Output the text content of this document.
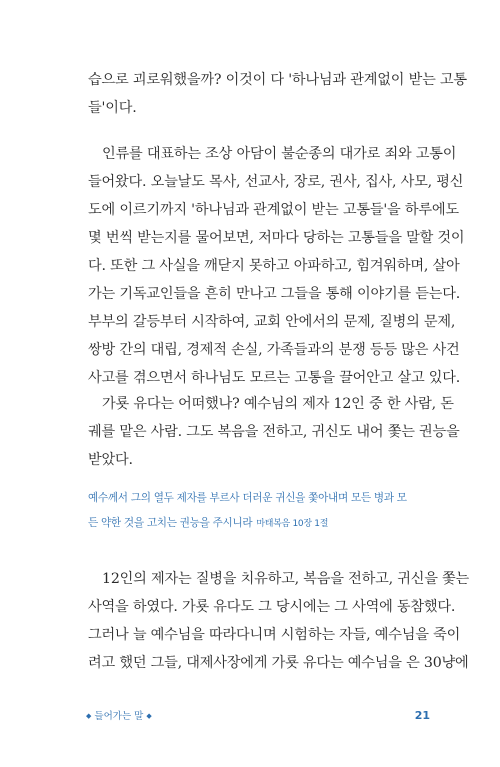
습으로 괴로워했을까? 이것이 다 '하나님과 관계없이 받는 고통
들'이다.
인류를 대표하는 조상 아담이 불순종의 대가로 죄와 고통이
들어왔다. 오늘날도 목사, 선교사, 장로, 권사, 집사, 사모, 평신
도에 이르기까지 '하나님과 관계없이 받는 고통들'을 하루에도
몇 번씩 받는지를 물어보면, 저마다 당하는 고통들을 말할 것이
다. 또한 그 사실을 깨닫지 못하고 아파하고, 힘겨워하며, 살아
가는 기독교인들을 흔히 만나고 그들을 통해 이야기를 듣는다.
부부의 갈등부터 시작하여, 교회 안에서의 문제, 질병의 문제,
쌍방 간의 대립, 경제적 손실, 가족들과의 분쟁 등등 많은 사건
사고를 겪으면서 하나님도 모르는 고통을 끌어안고 살고 있다.
가룟 유다는 어떠했나? 예수님의 제자 12인 중 한 사람, 돈
궤를 맡은 사람. 그도 복음을 전하고, 귀신도 내어 쫓는 권능을
받았다.
예수께서 그의 열두 제자를 부르사 더러운 귀신을 쫓아내며 모든 병과 모
든 약한 것을 고치는 권능을 주시니라 마태복음 10장 1절
12인의 제자는 질병을 치유하고, 복음을 전하고, 귀신을 쫓는
사역을 하였다. 가룟 유다도 그 당시에는 그 사역에 동참했다.
그러나 늘 예수님을 따라다니며 시험하는 자들, 예수님을 죽이
려고 했던 그들, 대제사장에게 가룟 유다는 예수님을 은 30냥에
◆ 들어가는 말 ◆	21
